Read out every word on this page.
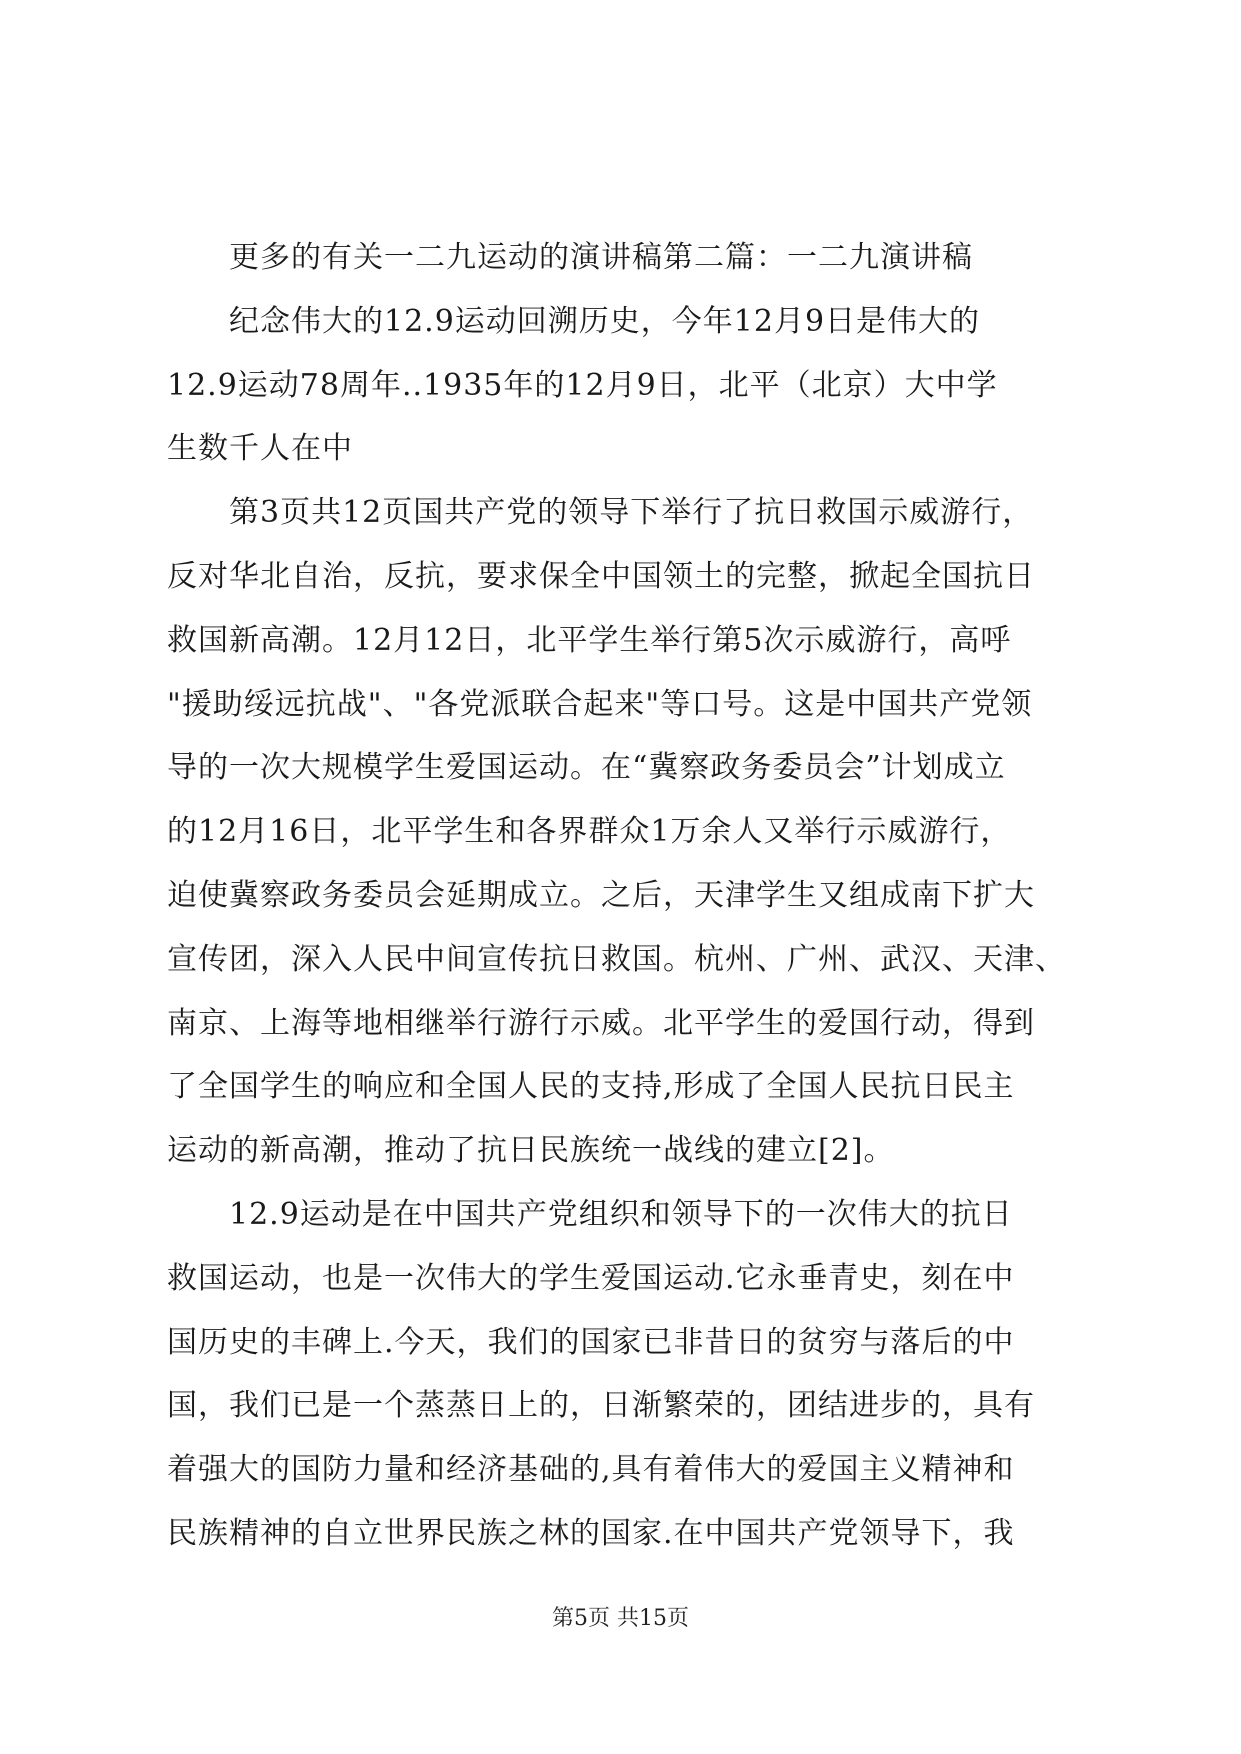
　　更多的有关一二九运动的演讲稿第二篇：一二九演讲稿
　　纪念伟大的12.9运动回溯历史，今年12月9日是伟大的
12.9运动78周年..1935年的12月9日，北平（北京）大中学
生数千人在中
　　第3页共12页国共产党的领导下举行了抗日救国示威游行，
反对华北自治，反抗，要求保全中国领土的完整，掀起全国抗日
救国新高潮。12月12日，北平学生举行第5次示威游行，高呼
"援助绥远抗战"、"各党派联合起来"等口号。这是中国共产党领
导的一次大规模学生爱国运动。在“冀察政务委员会”计划成立
的12月16日，北平学生和各界群众1万余人又举行示威游行，
迫使冀察政务委员会延期成立。之后，天津学生又组成南下扩大
宣传团，深入人民中间宣传抗日救国。杭州、广州、武汉、天津、
南京、上海等地相继举行游行示威。北平学生的爱国行动，得到
了全国学生的响应和全国人民的支持,形成了全国人民抗日民主
运动的新高潮，推动了抗日民族统一战线的建立[2]。
　　12.9运动是在中国共产党组织和领导下的一次伟大的抗日
救国运动，也是一次伟大的学生爱国运动.它永垂青史，刻在中
国历史的丰碑上.今天，我们的国家已非昔日的贫穷与落后的中
国，我们已是一个蒸蒸日上的，日渐繁荣的，团结进步的，具有
着强大的国防力量和经济基础的,具有着伟大的爱国主义精神和
民族精神的自立世界民族之林的国家.在中国共产党领导下，我
第5页 共15页
